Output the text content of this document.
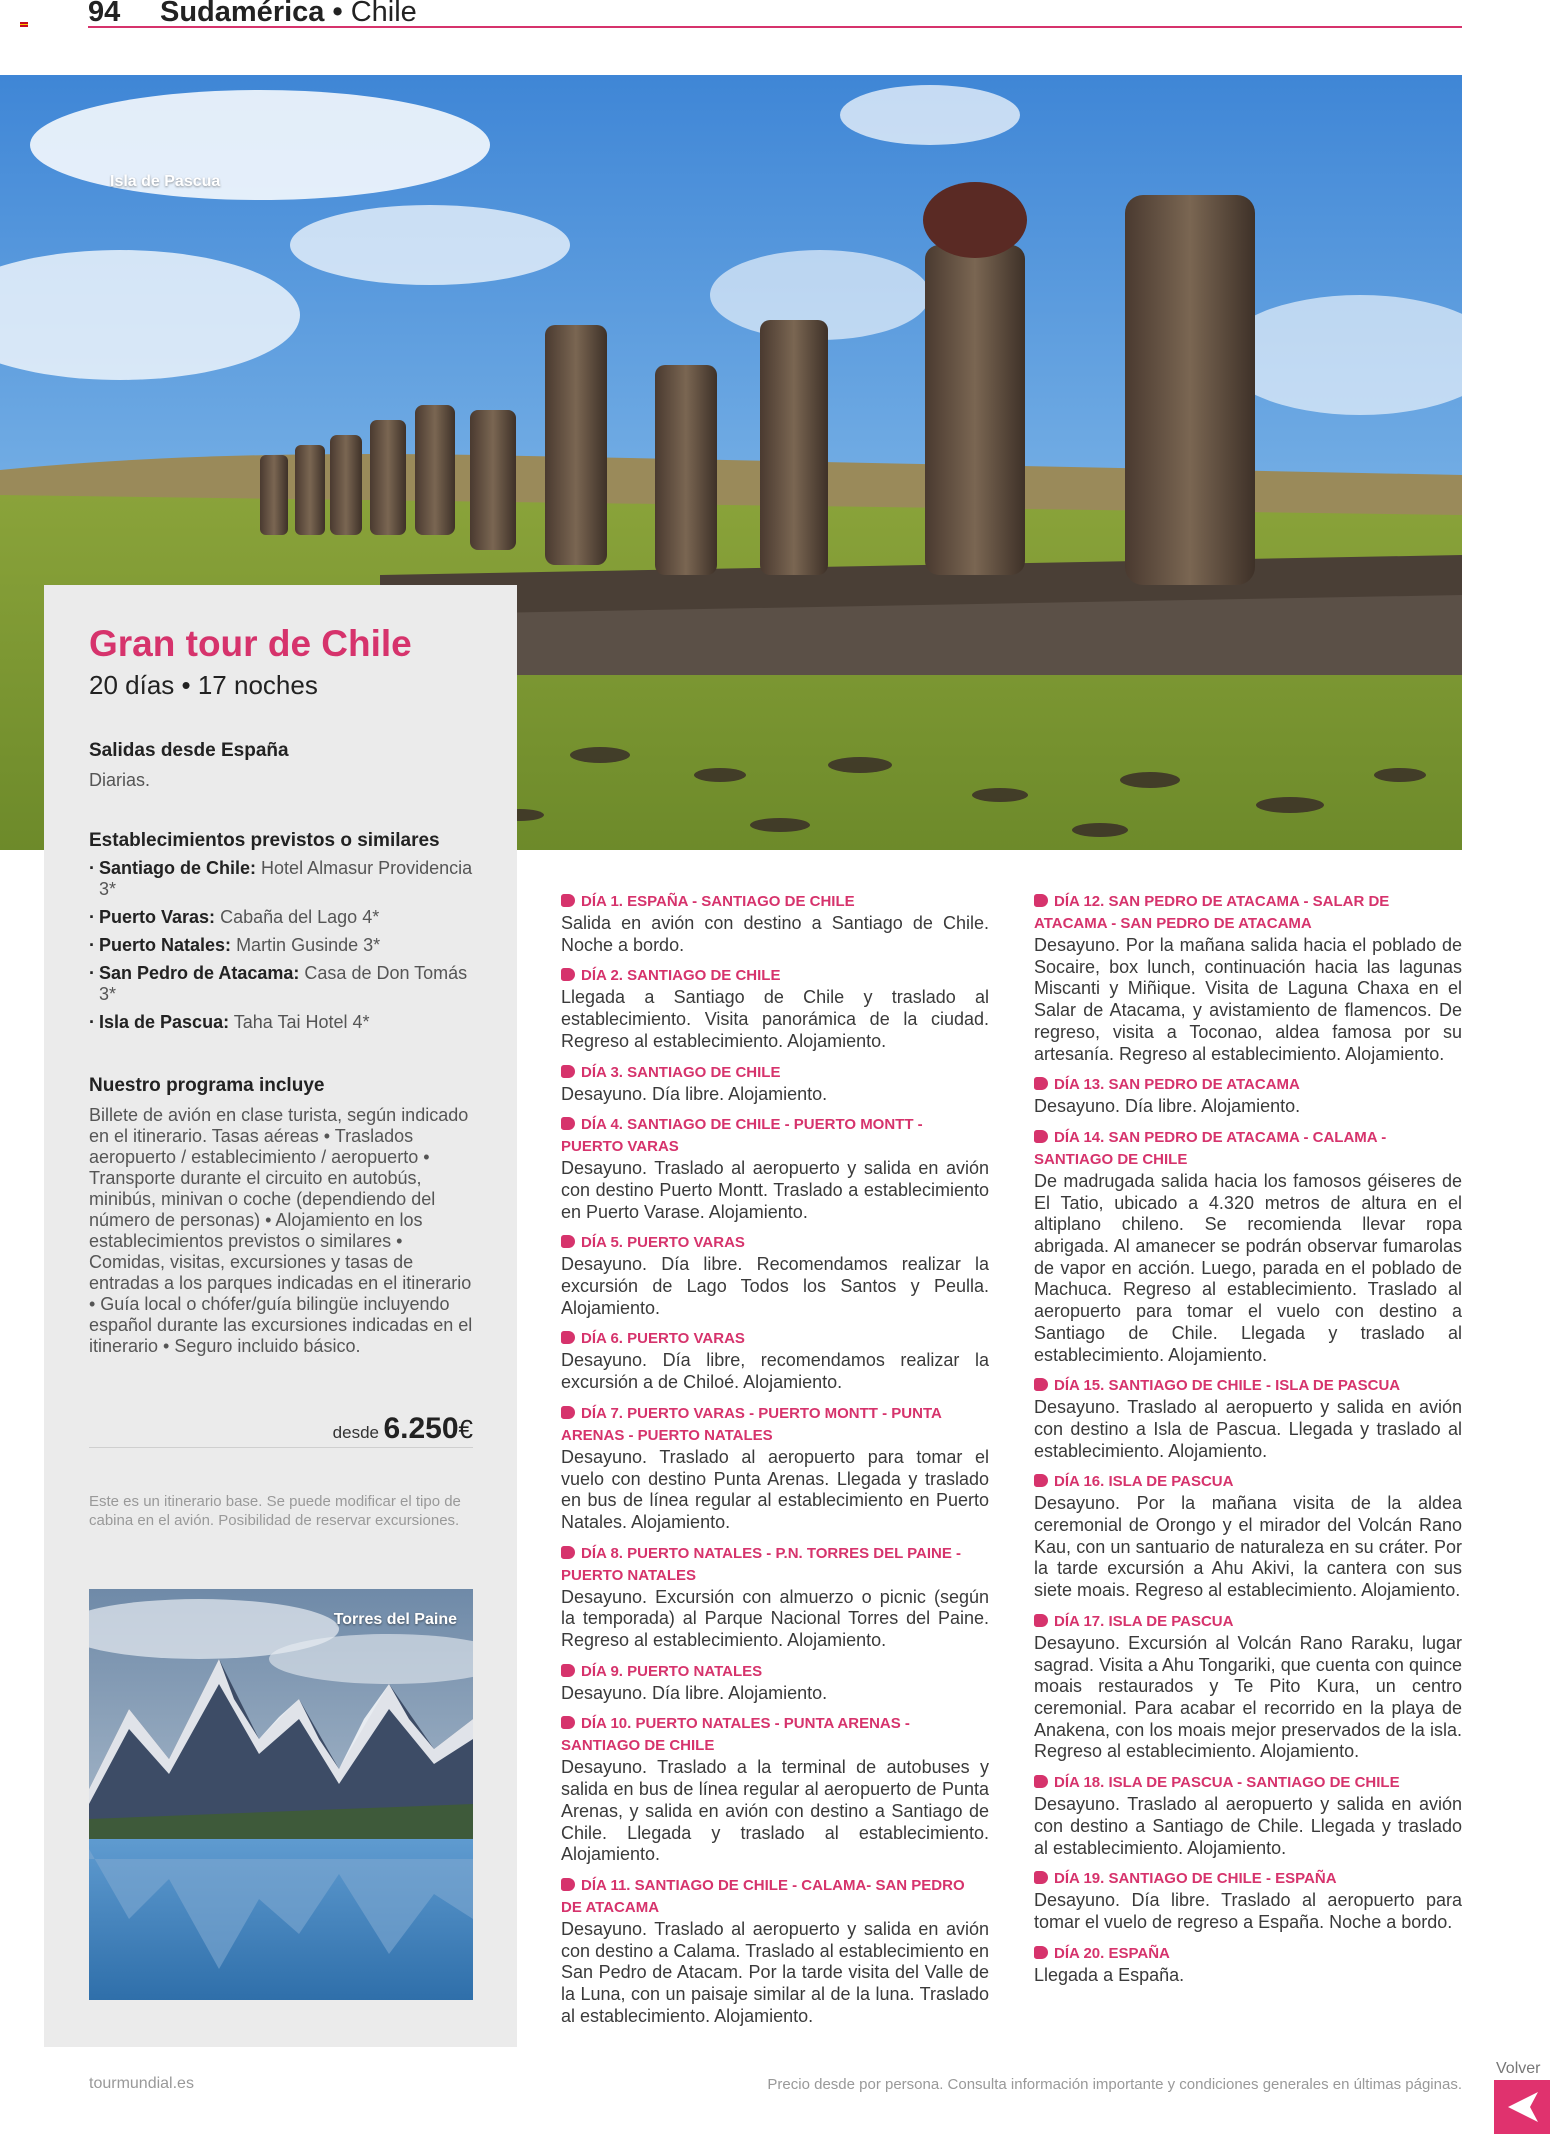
94 Sudamérica • Chile
Isla de Pascua
Gran tour de Chile
20 días • 17 noches
Salidas desde España
Diarias.
Establecimientos previstos o similares
· Santiago de Chile: Hotel Almasur Providencia 3*
· Puerto Varas: Cabaña del Lago 4*
· Puerto Natales: Martin Gusinde 3*
· San Pedro de Atacama: Casa de Don Tomás 3*
· Isla de Pascua: Taha Tai Hotel 4*
Nuestro programa incluye
Billete de avión en clase turista, según indicado en el itinerario. Tasas aéreas • Traslados aeropuerto / establecimiento / aeropuerto • Transporte durante el circuito en autobús, minibús, minivan o coche (dependiendo del número de personas) • Alojamiento en los establecimientos previstos o similares • Comidas, visitas, excursiones y tasas de entradas a los parques indicadas en el itinerario • Guía local o chófer/guía bilingüe incluyendo español durante las excursiones indicadas en el itinerario • Seguro incluido básico.
desde 6.250€
Este es un itinerario base. Se puede modificar el tipo de cabina en el avión. Posibilidad de reservar excursiones.
Torres del Paine
DÍA 1. ESPAÑA - SANTIAGO DE CHILE
Salida en avión con destino a Santiago de Chile. Noche a bordo.
DÍA 2. SANTIAGO DE CHILE
Llegada a Santiago de Chile y traslado al establecimiento. Visita panorámica de la ciudad. Regreso al establecimiento. Alojamiento.
DÍA 3. SANTIAGO DE CHILE
Desayuno. Día libre. Alojamiento.
DÍA 4. SANTIAGO DE CHILE - PUERTO MONTT - PUERTO VARAS
Desayuno. Traslado al aeropuerto y salida en avión con destino Puerto Montt. Traslado a establecimiento en Puerto Varase. Alojamiento.
DÍA 5. PUERTO VARAS
Desayuno. Día libre. Recomendamos realizar la excursión de Lago Todos los Santos y Peulla. Alojamiento.
DÍA 6. PUERTO VARAS
Desayuno. Día libre, recomendamos realizar la excursión a de Chiloé. Alojamiento.
DÍA 7. PUERTO VARAS - PUERTO MONTT - PUNTA ARENAS - PUERTO NATALES
Desayuno. Traslado al aeropuerto para tomar el vuelo con destino Punta Arenas. Llegada y traslado en bus de línea regular al establecimiento en Puerto Natales. Alojamiento.
DÍA 8. PUERTO NATALES - P.N. TORRES DEL PAINE - PUERTO NATALES
Desayuno. Excursión con almuerzo o picnic (según la temporada) al Parque Nacional Torres del Paine. Regreso al establecimiento. Alojamiento.
DÍA 9. PUERTO NATALES
Desayuno. Día libre. Alojamiento.
DÍA 10. PUERTO NATALES - PUNTA ARENAS - SANTIAGO DE CHILE
Desayuno. Traslado a la terminal de autobuses y salida en bus de línea regular al aeropuerto de Punta Arenas, y salida en avión con destino a Santiago de Chile. Llegada y traslado al establecimiento. Alojamiento.
DÍA 11. SANTIAGO DE CHILE - CALAMA- SAN PEDRO DE ATACAMA
Desayuno. Traslado al aeropuerto y salida en avión con destino a Calama. Traslado al establecimiento en San Pedro de Atacam. Por la tarde visita del Valle de la Luna, con un paisaje similar al de la luna. Traslado al establecimiento. Alojamiento.
DÍA 12. SAN PEDRO DE ATACAMA - SALAR DE ATACAMA - SAN PEDRO DE ATACAMA
Desayuno. Por la mañana salida hacia el poblado de Socaire, box lunch, continuación hacia las lagunas Miscanti y Miñique. Visita de Laguna Chaxa en el Salar de Atacama, y avistamiento de flamencos. De regreso, visita a Toconao, aldea famosa por su artesanía. Regreso al establecimiento. Alojamiento.
DÍA 13. SAN PEDRO DE ATACAMA
Desayuno. Día libre. Alojamiento.
DÍA 14. SAN PEDRO DE ATACAMA - CALAMA - SANTIAGO DE CHILE
De madrugada salida hacia los famosos géiseres de El Tatio, ubicado a 4.320 metros de altura en el altiplano chileno. Se recomienda llevar ropa abrigada. Al amanecer se podrán observar fumarolas de vapor en acción. Luego, parada en el poblado de Machuca. Regreso al establecimiento. Traslado al aeropuerto para tomar el vuelo con destino a Santiago de Chile. Llegada y traslado al establecimiento. Alojamiento.
DÍA 15. SANTIAGO DE CHILE - ISLA DE PASCUA
Desayuno. Traslado al aeropuerto y salida en avión con destino a Isla de Pascua. Llegada y traslado al establecimiento. Alojamiento.
DÍA 16. ISLA DE PASCUA
Desayuno. Por la mañana visita de la aldea ceremonial de Orongo y el mirador del Volcán Rano Kau, con un santuario de naturaleza en su cráter. Por la tarde excursión a Ahu Akivi, la cantera con sus siete moais. Regreso al establecimiento. Alojamiento.
DÍA 17. ISLA DE PASCUA
Desayuno. Excursión al Volcán Rano Raraku, lugar sagrad. Visita a Ahu Tongariki, que cuenta con quince moais restaurados y Te Pito Kura, un centro ceremonial. Para acabar el recorrido en la playa de Anakena, con los moais mejor preservados de la isla. Regreso al establecimiento. Alojamiento.
DÍA 18. ISLA DE PASCUA - SANTIAGO DE CHILE
Desayuno. Traslado al aeropuerto y salida en avión con destino a Santiago de Chile. Llegada y traslado al establecimiento. Alojamiento.
DÍA 19. SANTIAGO DE CHILE - ESPAÑA
Desayuno. Día libre. Traslado al aeropuerto para tomar el vuelo de regreso a España. Noche a bordo.
DÍA 20. ESPAÑA
Llegada a España.
tourmundial.es	Precio desde por persona. Consulta información importante y condiciones generales en últimas páginas.
Volver
